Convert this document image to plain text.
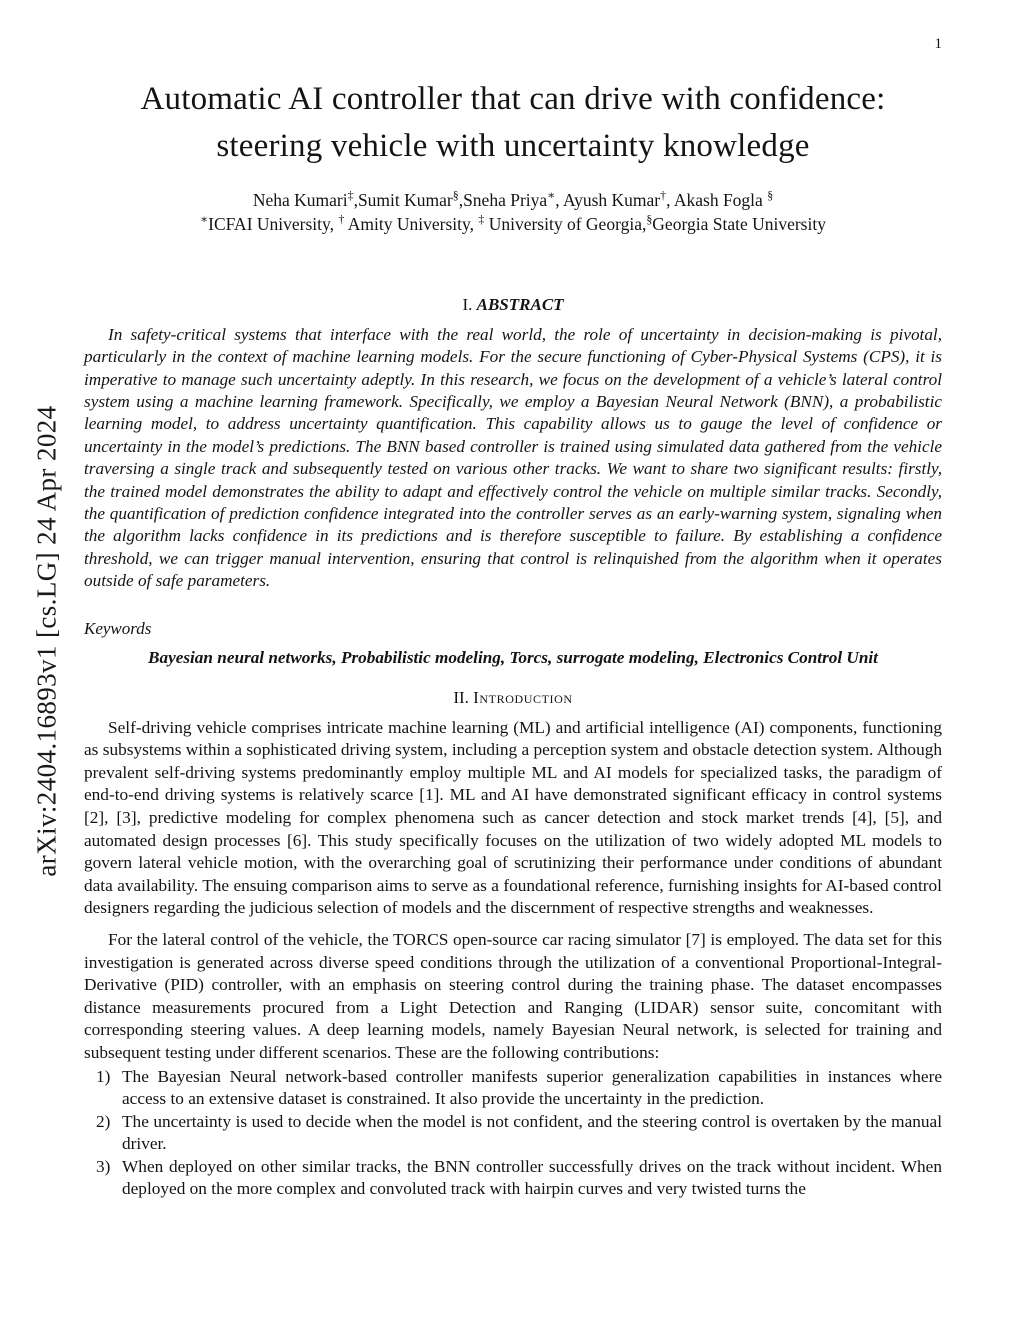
1
arXiv:2404.16893v1 [cs.LG] 24 Apr 2024
Automatic AI controller that can drive with confidence: steering vehicle with uncertainty knowledge
Neha Kumari‡,Sumit Kumar§,Sneha Priya∗, Ayush Kumar†, Akash Fogla §
∗ICFAI University, † Amity University, ‡ University of Georgia,§Georgia State University
I. ABSTRACT

In safety-critical systems that interface with the real world, the role of uncertainty in decision-making is pivotal, particularly in the context of machine learning models. For the secure functioning of Cyber-Physical Systems (CPS), it is imperative to manage such uncertainty adeptly. In this research, we focus on the development of a vehicle’s lateral control system using a machine learning framework. Specifically, we employ a Bayesian Neural Network (BNN), a probabilistic learning model, to address uncertainty quantification. This capability allows us to gauge the level of confidence or uncertainty in the model’s predictions. The BNN based controller is trained using simulated data gathered from the vehicle traversing a single track and subsequently tested on various other tracks. We want to share two significant results: firstly, the trained model demonstrates the ability to adapt and effectively control the vehicle on multiple similar tracks. Secondly, the quantification of prediction confidence integrated into the controller serves as an early-warning system, signaling when the algorithm lacks confidence in its predictions and is therefore susceptible to failure. By establishing a confidence threshold, we can trigger manual intervention, ensuring that control is relinquished from the algorithm when it operates outside of safe parameters.

Keywords
Bayesian neural networks, Probabilistic modeling, Torcs, surrogate modeling, Electronics Control Unit
II. Introduction

Self-driving vehicle comprises intricate machine learning (ML) and artificial intelligence (AI) components, functioning as subsystems within a sophisticated driving system, including a perception system and obstacle detection system. Although prevalent self-driving systems predominantly employ multiple ML and AI models for specialized tasks, the paradigm of end-to-end driving systems is relatively scarce [1]. ML and AI have demonstrated significant efficacy in control systems [2], [3], predictive modeling for complex phenomena such as cancer detection and stock market trends [4], [5], and automated design processes [6]. This study specifically focuses on the utilization of two widely adopted ML models to govern lateral vehicle motion, with the overarching goal of scrutinizing their performance under conditions of abundant data availability. The ensuing comparison aims to serve as a foundational reference, furnishing insights for AI-based control designers regarding the judicious selection of models and the discernment of respective strengths and weaknesses.

For the lateral control of the vehicle, the TORCS open-source car racing simulator [7] is employed. The data set for this investigation is generated across diverse speed conditions through the utilization of a conventional Proportional-Integral-Derivative (PID) controller, with an emphasis on steering control during the training phase. The dataset encompasses distance measurements procured from a Light Detection and Ranging (LIDAR) sensor suite, concomitant with corresponding steering values. A deep learning models, namely Bayesian Neural network, is selected for training and subsequent testing under different scenarios. These are the following contributions:

1) The Bayesian Neural network-based controller manifests superior generalization capabilities in instances where access to an extensive dataset is constrained. It also provide the uncertainty in the prediction.
2) The uncertainty is used to decide when the model is not confident, and the steering control is overtaken by the manual driver.
3) When deployed on other similar tracks, the BNN controller successfully drives on the track without incident. When deployed on the more complex and convoluted track with hairpin curves and very twisted turns the
